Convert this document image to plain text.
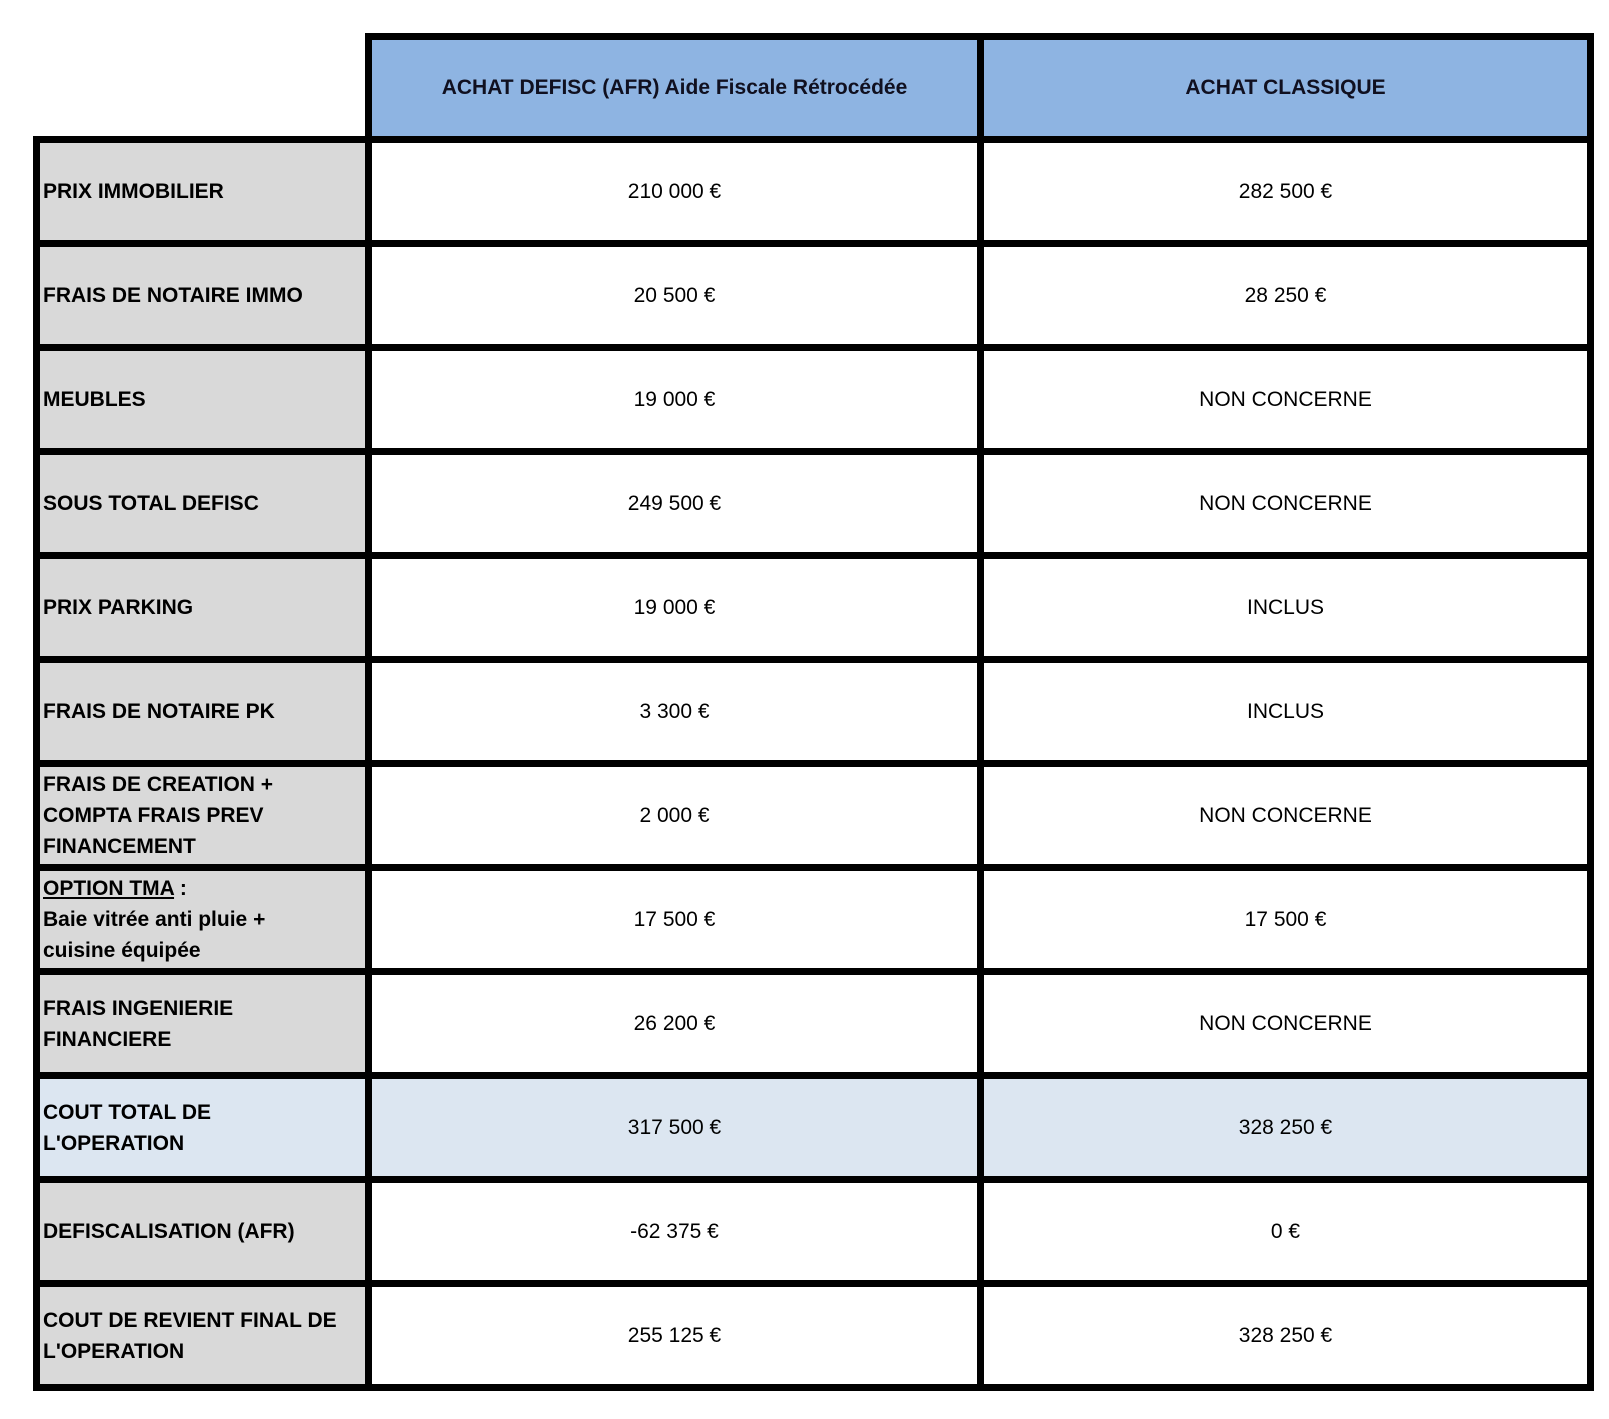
	ACHAT DEFISC (AFR) Aide Fiscale Rétrocédée	ACHAT CLASSIQUE

PRIX IMMOBILIER	210 000 €	282 500 €

FRAIS DE NOTAIRE IMMO	20 500 €	28 250 €

MEUBLES	19 000 €	NON CONCERNE

SOUS TOTAL DEFISC	249 500 €	NON CONCERNE

PRIX PARKING	19 000 €	INCLUS

FRAIS DE NOTAIRE PK	3 300 €	INCLUS

FRAIS DE CREATION +
COMPTA FRAIS PREV
FINANCEMENT	2 000 €	NON CONCERNE

OPTION TMA :
Baie vitrée anti pluie +
cuisine équipée	17 500 €	17 500 €

FRAIS INGENIERIE
FINANCIERE	26 200 €	NON CONCERNE

COUT TOTAL DE
L'OPERATION	317 500 €	328 250 €

DEFISCALISATION (AFR)	-62 375 €	0 €

COUT DE REVIENT FINAL DE
L'OPERATION	255 125 €	328 250 €
